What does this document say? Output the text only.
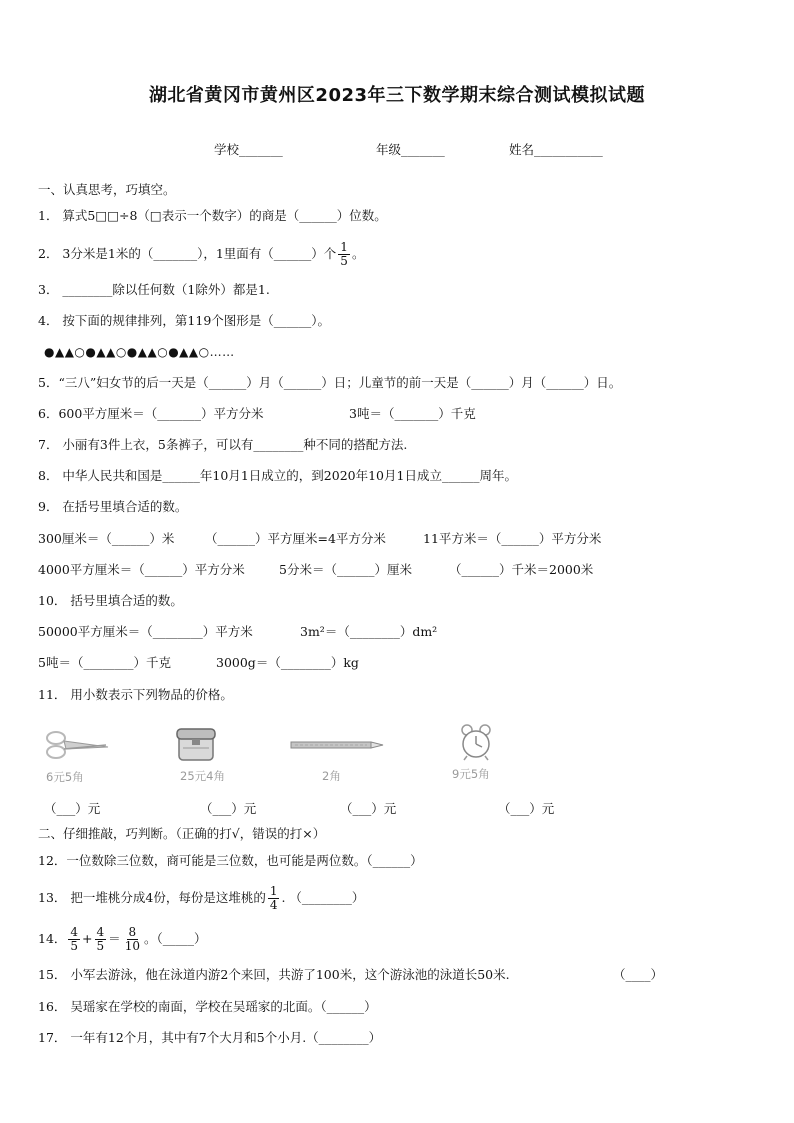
湖北省黄冈市黄州区2023年三下数学期末综合测试模拟试题
学校_______	年级_______	姓名___________
一、认真思考，巧填空。
1． 算式5□□÷8（□表示一个数字）的商是（______）位数。
2． 3分米是1米的（_______），1里面有（______）个 $\frac{1}{5}$ 。
3． ________除以任何数（1除外）都是1.
4． 按下面的规律排列，第119个图形是（______）。
●▲▲○●▲▲○●▲▲○●▲▲○……
5．“三八”妇女节的后一天是（______）月（______）日；儿童节的前一天是（______）月（______）日。
6．600平方厘米＝（_______）平方分米	3吨＝（_______）千克
7． 小丽有3件上衣，5条裤子，可以有________种不同的搭配方法.
8． 中华人民共和国是______年10月1日成立的，到2020年10月1日成立______周年。
9． 在括号里填合适的数。
300厘米＝（______）米 （______）平方厘米=4平方分米	11平方米＝（______）平方分米
4000平方厘米＝（______）平方分米	5分米＝（______）厘米	（______）千米＝2000米
10． 括号里填合适的数。
50000平方厘米＝（________）平方米	3m²＝（________）dm²
5吨＝（________）千克	3000g＝（________）kg
11． 用小数表示下列物品的价格。
6元5角	25元4角	2角	9元5角
（___）元	（___）元	（___）元	（___）元
二、仔细推敲，巧判断。（正确的打√，错误的打×）
12．一位数除三位数，商可能是三位数，也可能是两位数。（______）
13． 把一堆桃分成4份，每份是这堆桃的 $\frac{1}{4}$ . （________）
14． $\frac{4}{5} + \frac{4}{5} = \frac{8}{10}$ 。（_____）
15． 小军去游泳，他在泳道内游2个来回，共游了100米，这个游泳池的泳道长50米.	（____）
16． 吴瑶家在学校的南面，学校在吴瑶家的北面。（______）
17． 一年有12个月，其中有7个大月和5个小月.（________）
